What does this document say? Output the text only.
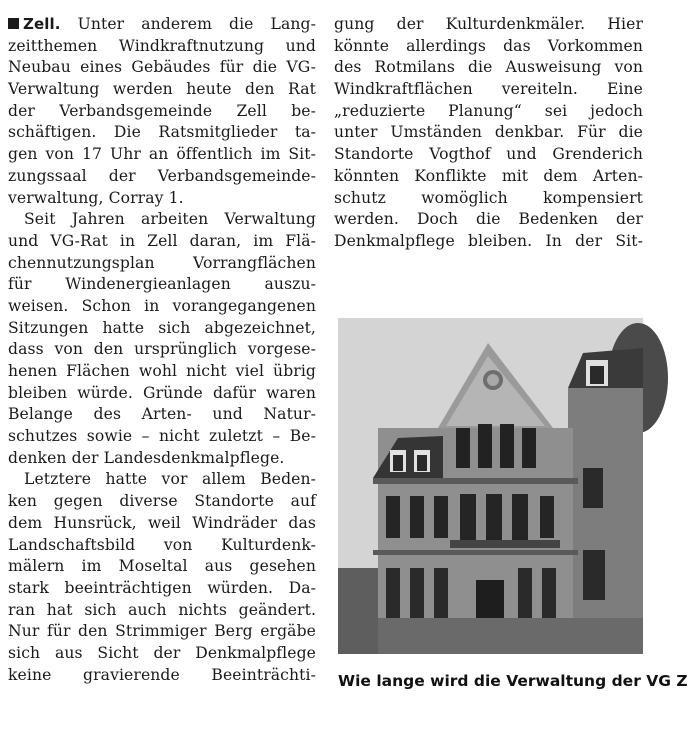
Zell. Unter anderem die Lang-
zeitthemen Windkraftnutzung und
Neubau eines Gebäudes für die VG-
Verwaltung werden heute den Rat
der Verbandsgemeinde Zell be-
schäftigen. Die Ratsmitglieder ta-
gen von 17 Uhr an öffentlich im Sit-
zungssaal der Verbandsgemeinde-
verwaltung, Corray 1.
Seit Jahren arbeiten Verwaltung
und VG-Rat in Zell daran, im Flä-
chennutzungsplan Vorrangflächen
für Windenergieanlagen auszu-
weisen. Schon in vorangegangenen
Sitzungen hatte sich abgezeichnet,
dass von den ursprünglich vorgese-
henen Flächen wohl nicht viel übrig
bleiben würde. Gründe dafür waren
Belange des Arten- und Natur-
schutzes sowie – nicht zuletzt – Be-
denken der Landesdenkmalpflege.
Letztere hatte vor allem Beden-
ken gegen diverse Standorte auf
dem Hunsrück, weil Windräder das
Landschaftsbild von Kulturdenk-
mälern im Moseltal aus gesehen
stark beeinträchtigen würden. Da-
ran hat sich auch nichts geändert.
Nur für den Strimmiger Berg ergäbe
sich aus Sicht der Denkmalpflege
keine gravierende Beeinträchti-
gung der Kulturdenkmäler. Hier
könnte allerdings das Vorkommen
des Rotmilans die Ausweisung von
Windkraftflächen vereiteln. Eine
„reduzierte Planung“ sei jedoch
unter Umständen denkbar. Für die
Standorte Vogthof und Grenderich
könnten Konflikte mit dem Arten-
schutz womöglich kompensiert
werden. Doch die Bedenken der
Denkmalpflege bleiben. In der Sit-
Wie lange wird die Verwaltung der VG Z
